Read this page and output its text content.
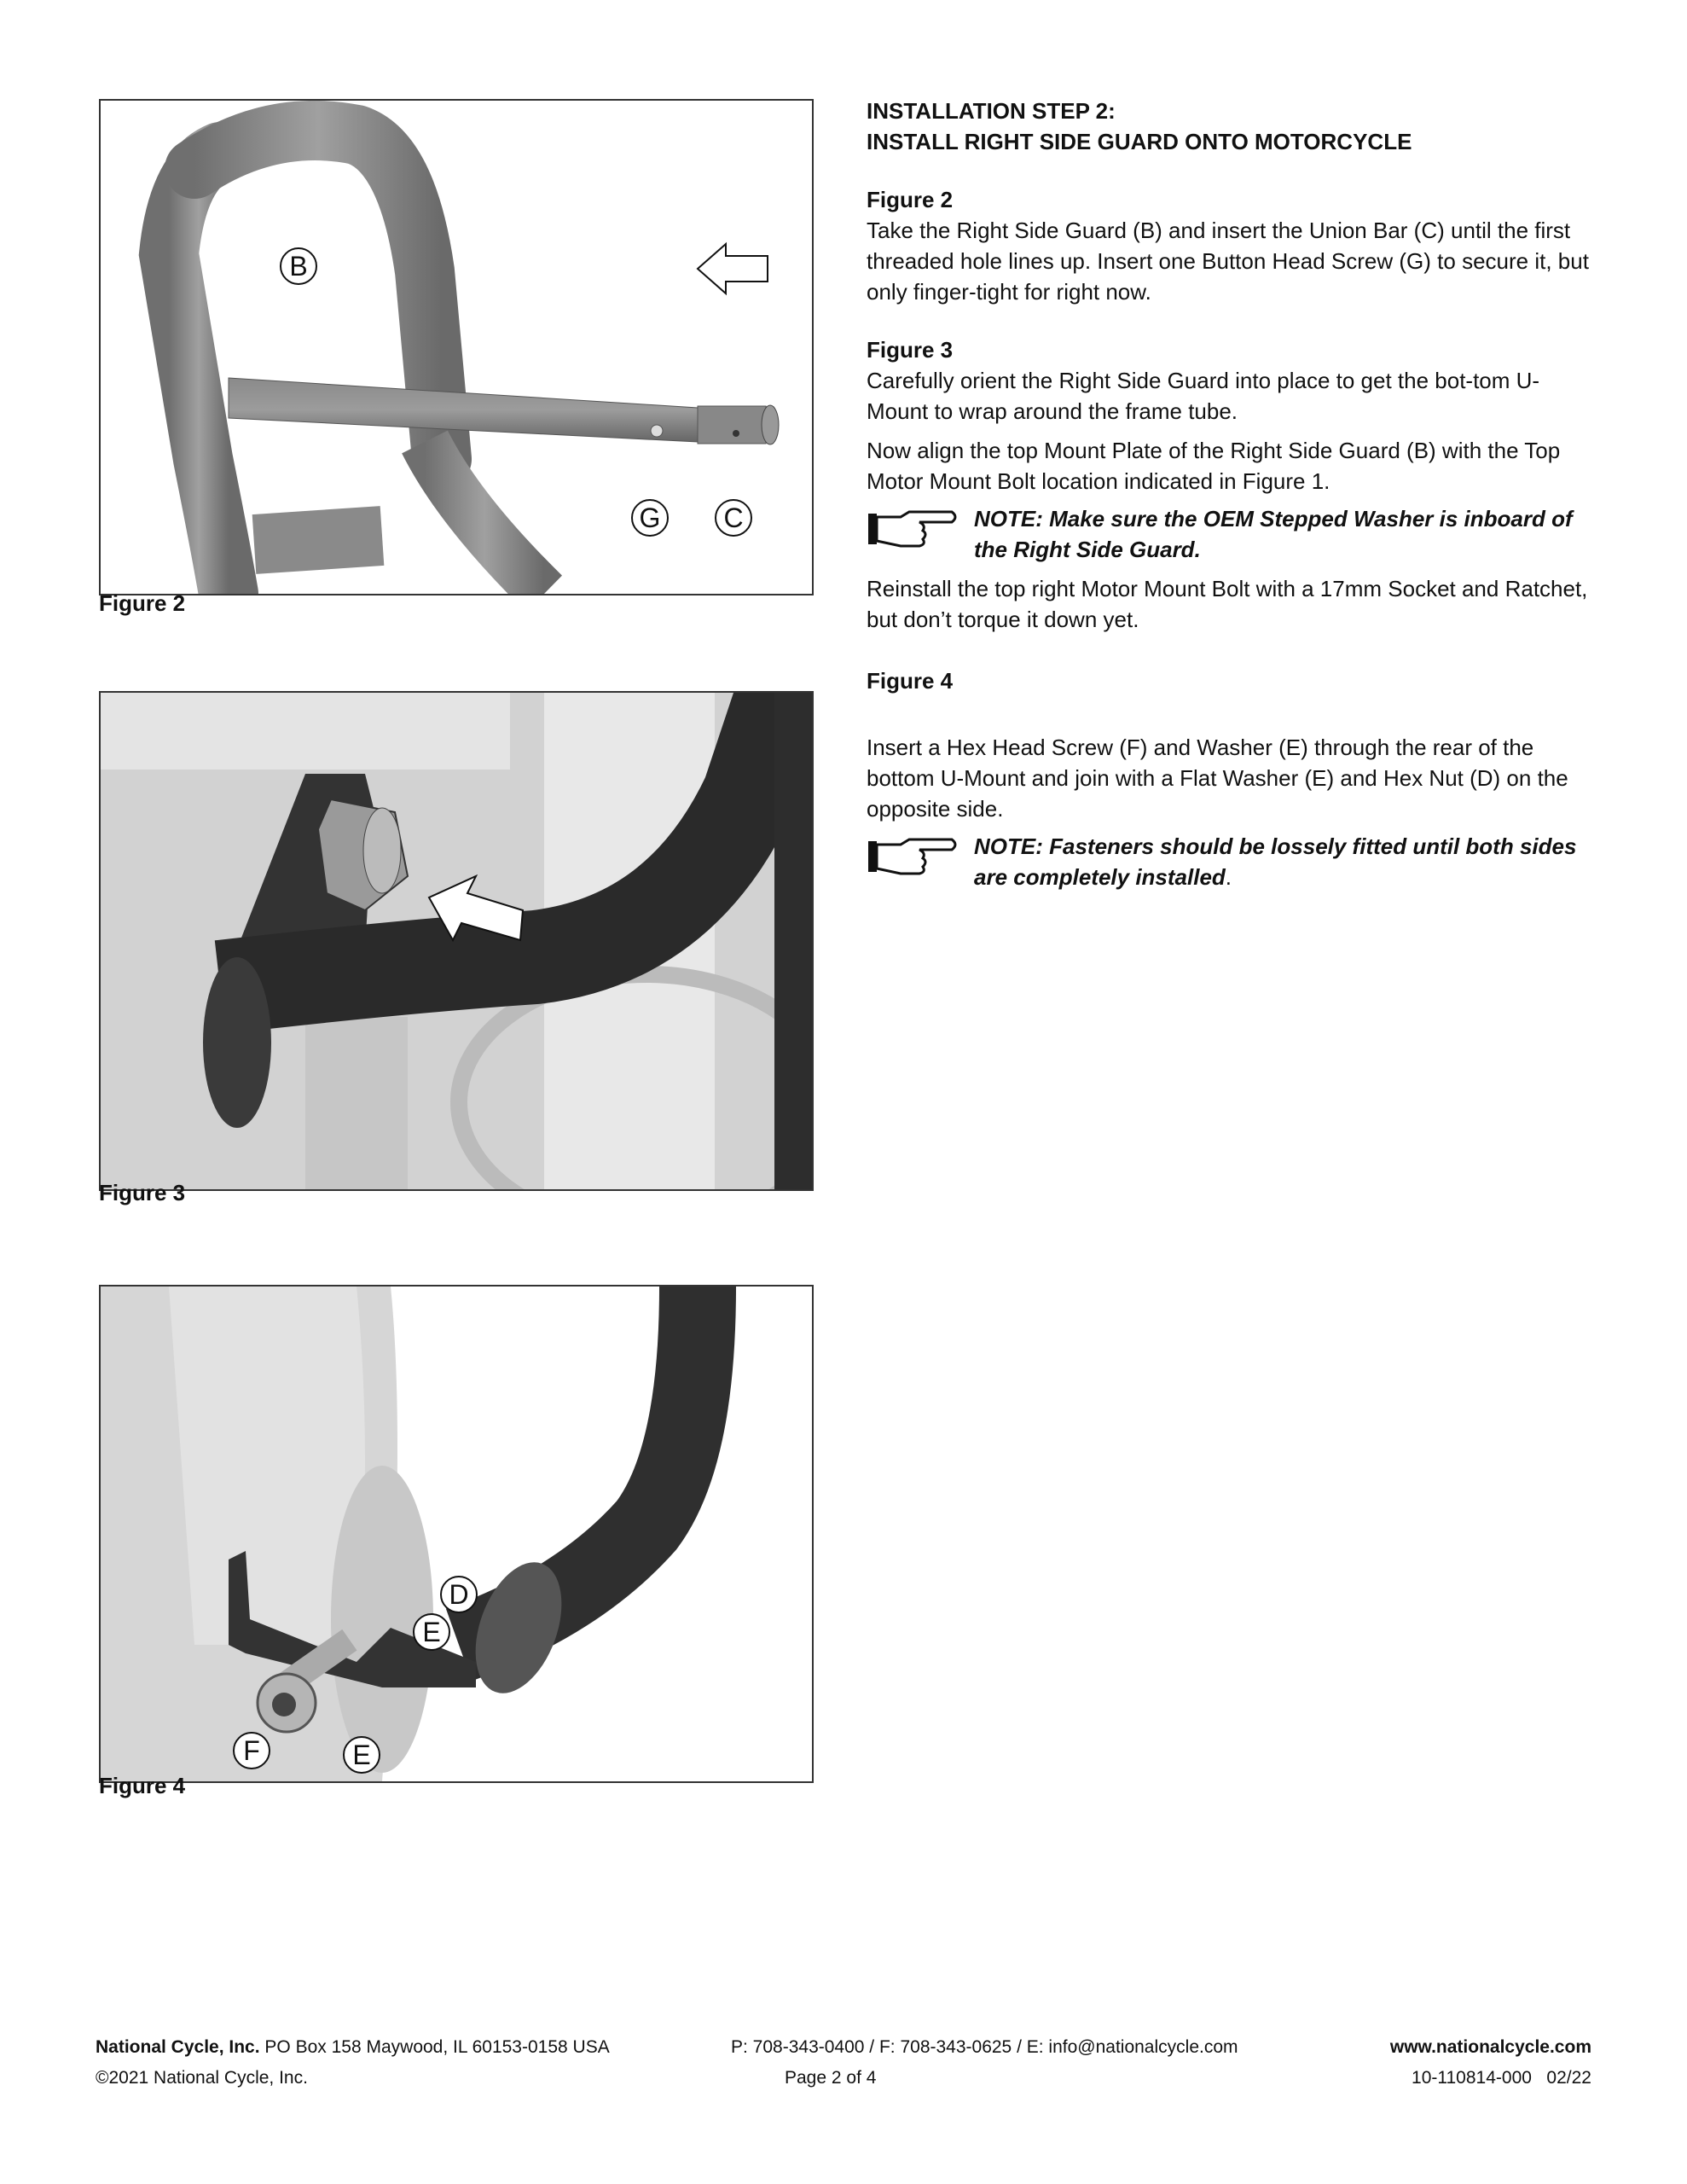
B
G	C
Figure 2
Figure 3
D
E
F	E
Figure 4
INSTALLATION STEP 2:
INSTALL RIGHT SIDE GUARD ONTO MOTORCYCLE
Figure 2

Take the Right Side Guard (B) and insert the Union Bar (C) until the first threaded hole lines up. Insert one Button Head Screw (G) to secure it, but only finger-tight for right now.

Figure 3

Carefully orient the Right Side Guard into place to get the bot-tom U-Mount to wrap around the frame tube.

Now align the top Mount Plate of the Right Side Guard (B) with the Top Motor Mount Bolt location indicated in Figure 1.

NOTE: Make sure the OEM Stepped Washer is inboard of the Right Side Guard.

Reinstall the top right Motor Mount Bolt with a 17mm Socket and Ratchet, but don’t torque it down yet.

Figure 4

Insert a Hex Head Screw (F) and Washer (E) through the rear of the bottom U-Mount and join with a Flat Washer (E) and Hex Nut (D) on the opposite side.

NOTE: Fasteners should be lossely fitted until both sides are completely installed.
National Cycle, Inc. PO Box 158 Maywood, IL 60153-0158 USA	P: 708-343-0400 / F: 708-343-0625 / E: info@nationalcycle.com	www.nationalcycle.com
©2021 National Cycle, Inc.	Page 2 of 4	10-110814-000   02/22
